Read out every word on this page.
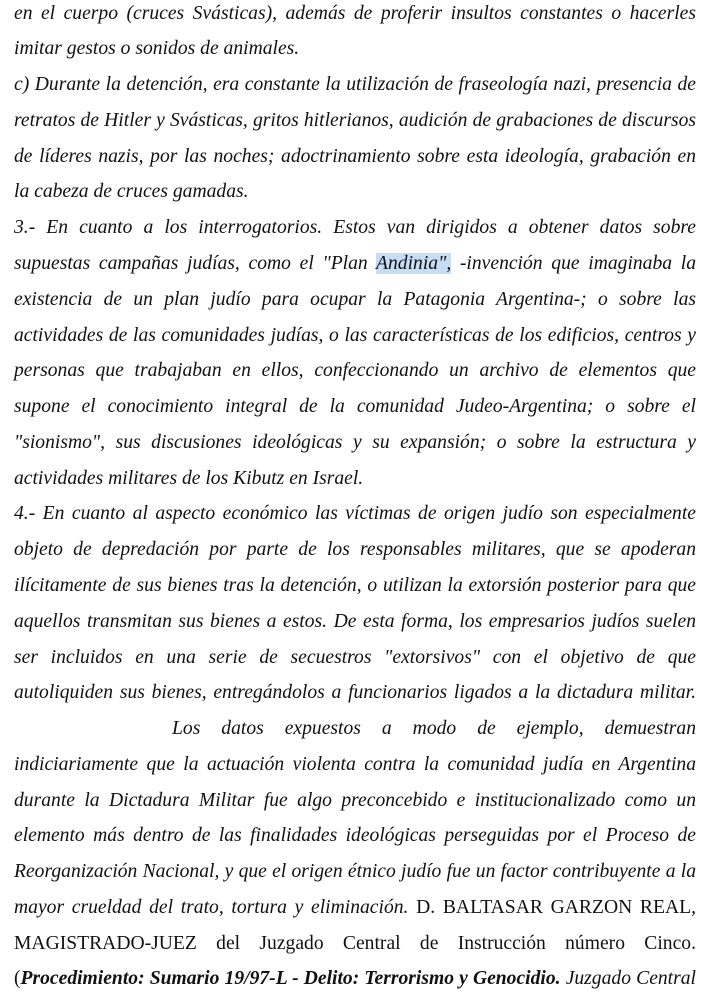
en el cuerpo (cruces Svásticas), además de proferir insultos constantes o hacerles
imitar gestos o sonidos de animales.
c) Durante la detención, era constante la utilización de fraseología nazi, presencia de
retratos de Hitler y Svásticas, gritos hitlerianos, audición de grabaciones de discursos
de líderes nazis, por las noches; adoctrinamiento sobre esta ideología, grabación en
la cabeza de cruces gamadas.
3.- En cuanto a los interrogatorios. Estos van dirigidos a obtener datos sobre
supuestas campañas judías, como el "Plan Andinia", -invención que imaginaba la
existencia de un plan judío para ocupar la Patagonia Argentina-; o sobre las
actividades de las comunidades judías, o las características de los edificios, centros y
personas que trabajaban en ellos, confeccionando un archivo de elementos que
supone el conocimiento integral de la comunidad Judeo-Argentina; o sobre el
"sionismo", sus discusiones ideológicas y su expansión; o sobre la estructura y
actividades militares de los Kibutz en Israel.
4.- En cuanto al aspecto económico las víctimas de origen judío son especialmente
objeto de depredación por parte de los responsables militares, que se apoderan
ilícitamente de sus bienes tras la detención, o utilizan la extorsión posterior para que
aquellos transmitan sus bienes a estos. De esta forma, los empresarios judíos suelen
ser incluidos en una serie de secuestros "extorsivos" con el objetivo de que
autoliquiden sus bienes, entregándolos a funcionarios ligados a la dictadura militar.
Los datos expuestos a modo de ejemplo, demuestran
indiciariamente que la actuación violenta contra la comunidad judía en Argentina
durante la Dictadura Militar fue algo preconcebido e institucionalizado como un
elemento más dentro de las finalidades ideológicas perseguidas por el Proceso de
Reorganización Nacional, y que el origen étnico judío fue un factor contribuyente a la
mayor crueldad del trato, tortura y eliminación. D. BALTASAR GARZON REAL,
MAGISTRADO-JUEZ del Juzgado Central de Instrucción número Cinco.
(Procedimiento: Sumario 19/97-L - Delito: Terrorismo y Genocidio. Juzgado Central
